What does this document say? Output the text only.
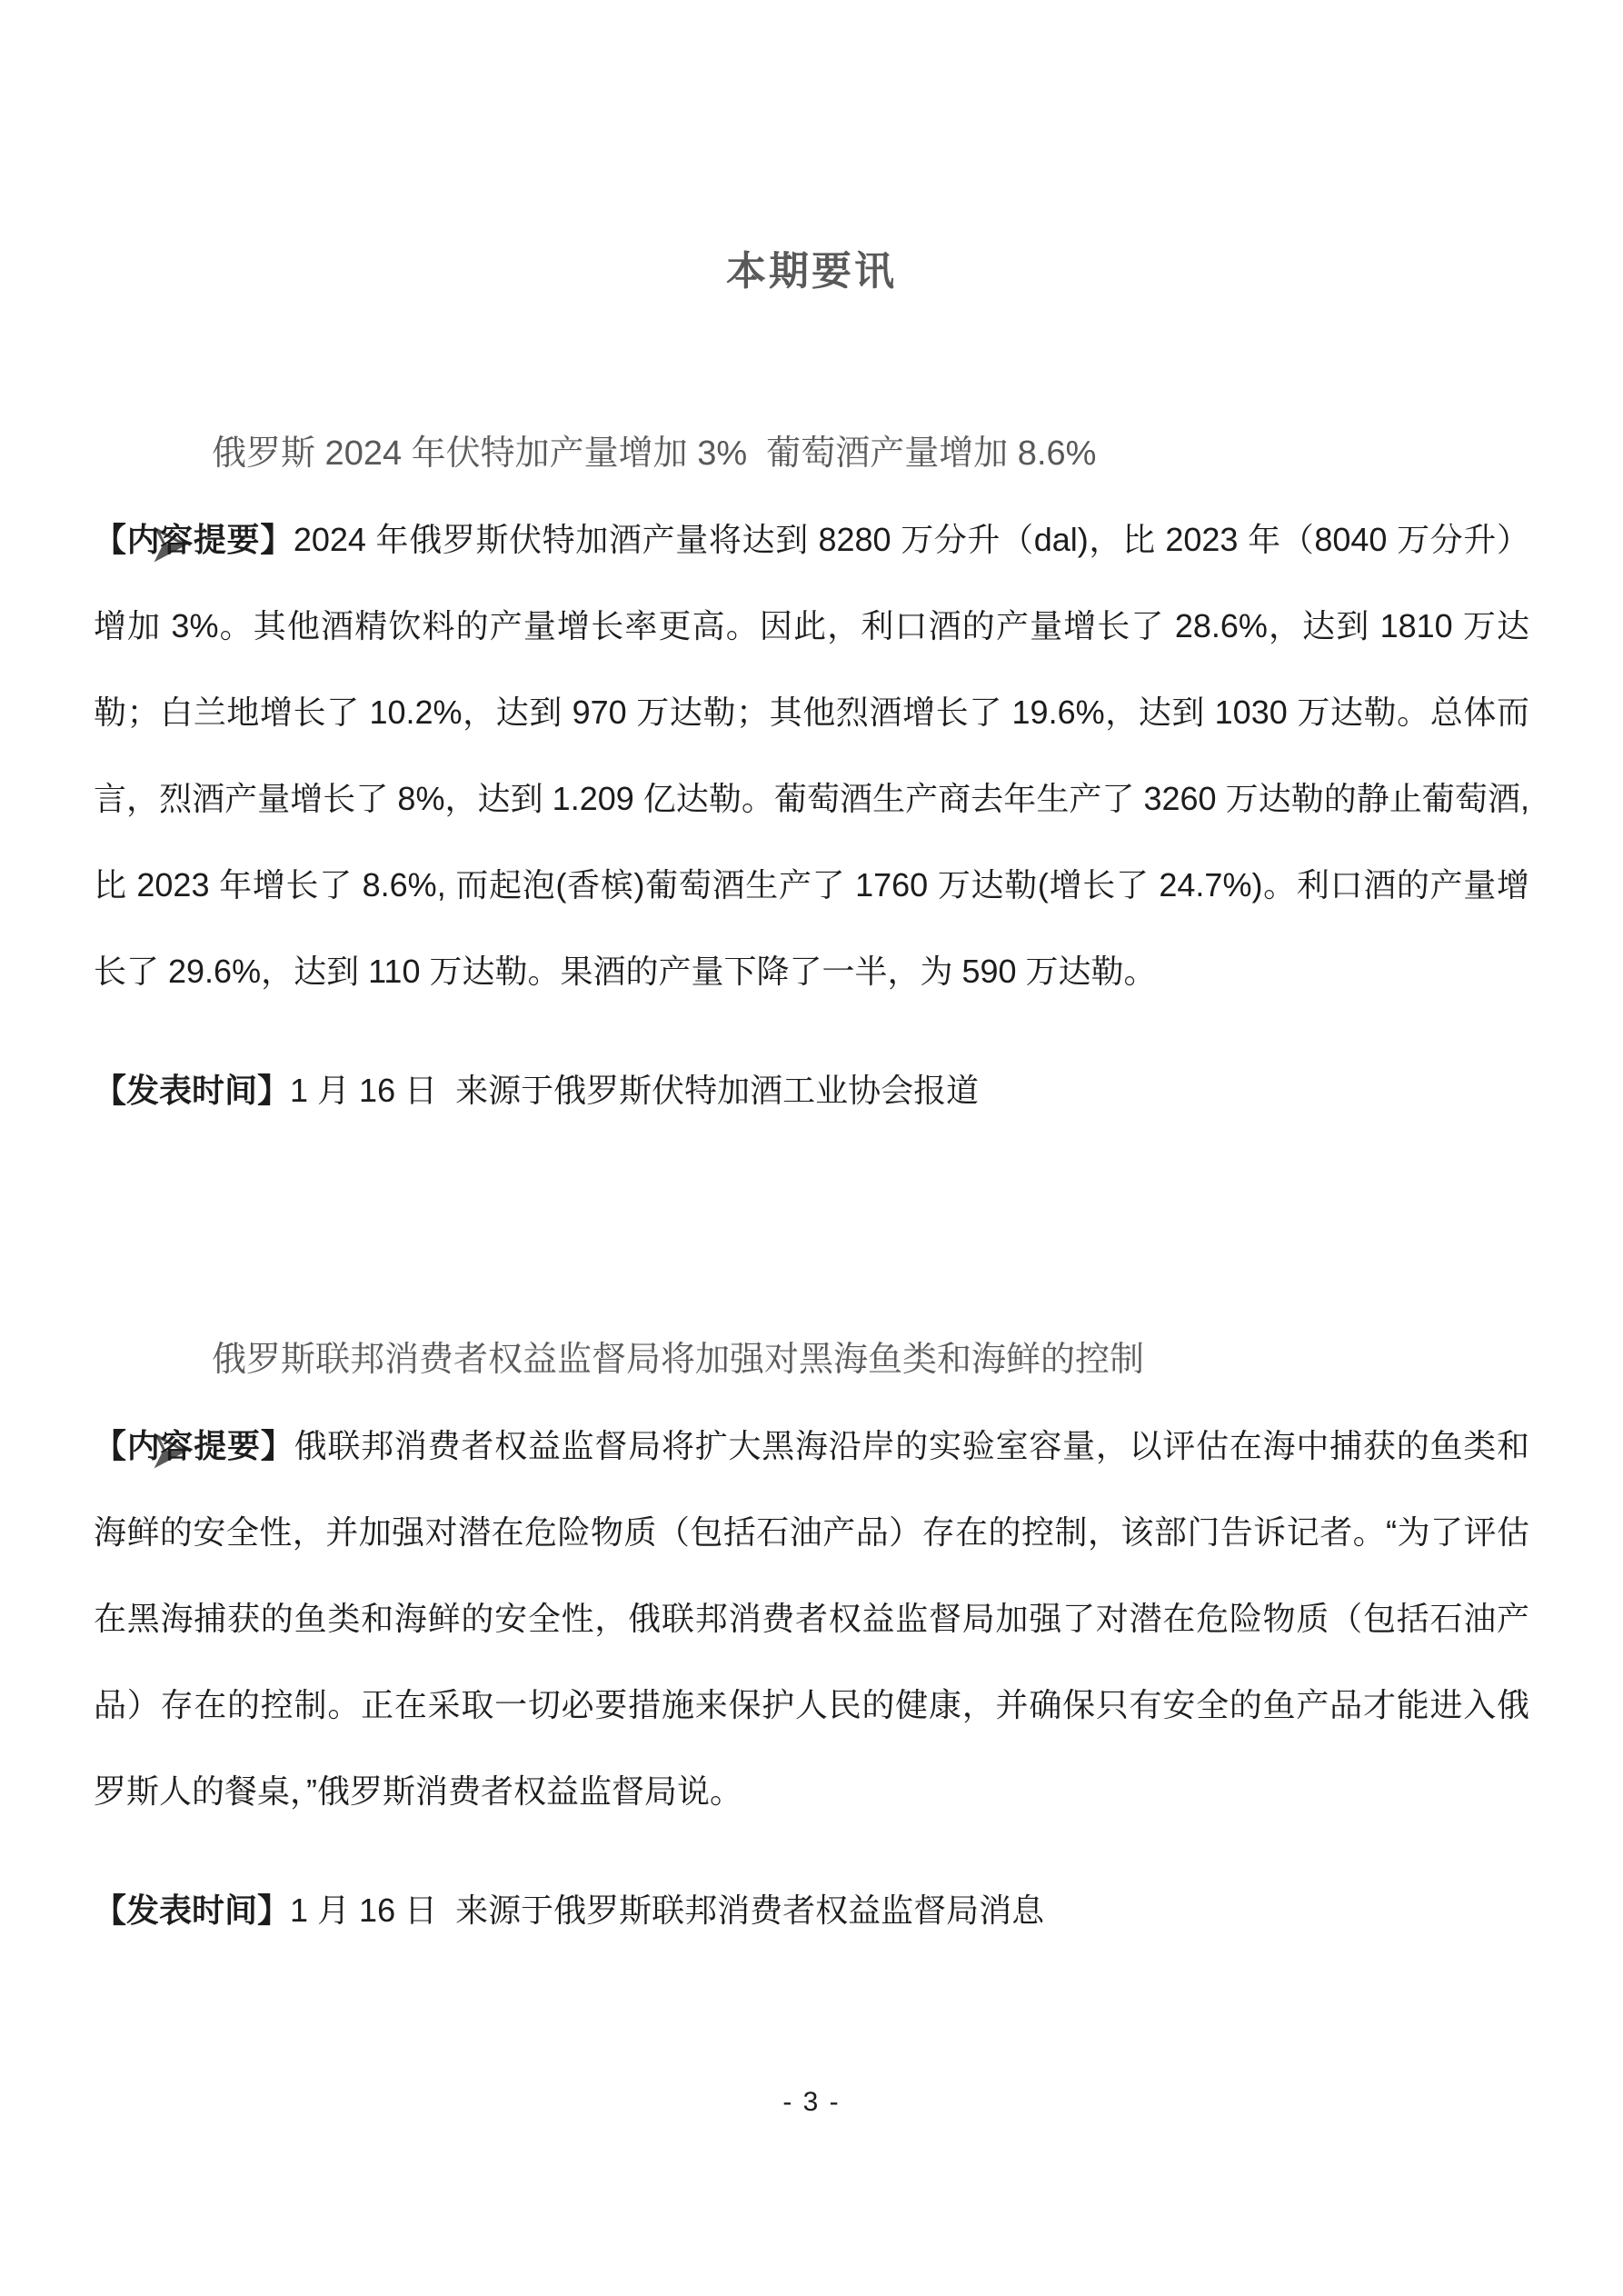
本期要讯

俄罗斯 2024 年伏特加产量增加 3%  葡萄酒产量增加 8.6%

【内容提要】2024 年俄罗斯伏特加酒产量将达到 8280 万分升（dal)，比 2023 年（8040 万分升）增加 3%。其他酒精饮料的产量增长率更高。因此，利口酒的产量增长了 28.6%，达到 1810 万达勒；白兰地增长了 10.2%，达到 970 万达勒；其他烈酒增长了 19.6%，达到 1030 万达勒。总体而言，烈酒产量增长了 8%，达到 1.209 亿达勒。葡萄酒生产商去年生产了 3260 万达勒的静止葡萄酒, 比 2023 年增长了 8.6%, 而起泡(香槟)葡萄酒生产了 1760 万达勒(增长了 24.7%)。利口酒的产量增长了 29.6%，达到 110 万达勒。果酒的产量下降了一半，为 590 万达勒。

【发表时间】1 月 16 日  来源于俄罗斯伏特加酒工业协会报道

俄罗斯联邦消费者权益监督局将加强对黑海鱼类和海鲜的控制

【内容提要】俄联邦消费者权益监督局将扩大黑海沿岸的实验室容量，以评估在海中捕获的鱼类和海鲜的安全性，并加强对潜在危险物质（包括石油产品）存在的控制，该部门告诉记者。“为了评估在黑海捕获的鱼类和海鲜的安全性，俄联邦消费者权益监督局加强了对潜在危险物质（包括石油产品）存在的控制。正在采取一切必要措施来保护人民的健康，并确保只有安全的鱼产品才能进入俄罗斯人的餐桌，”俄罗斯消费者权益监督局说。

【发表时间】1 月 16 日  来源于俄罗斯联邦消费者权益监督局消息

- 3 -
